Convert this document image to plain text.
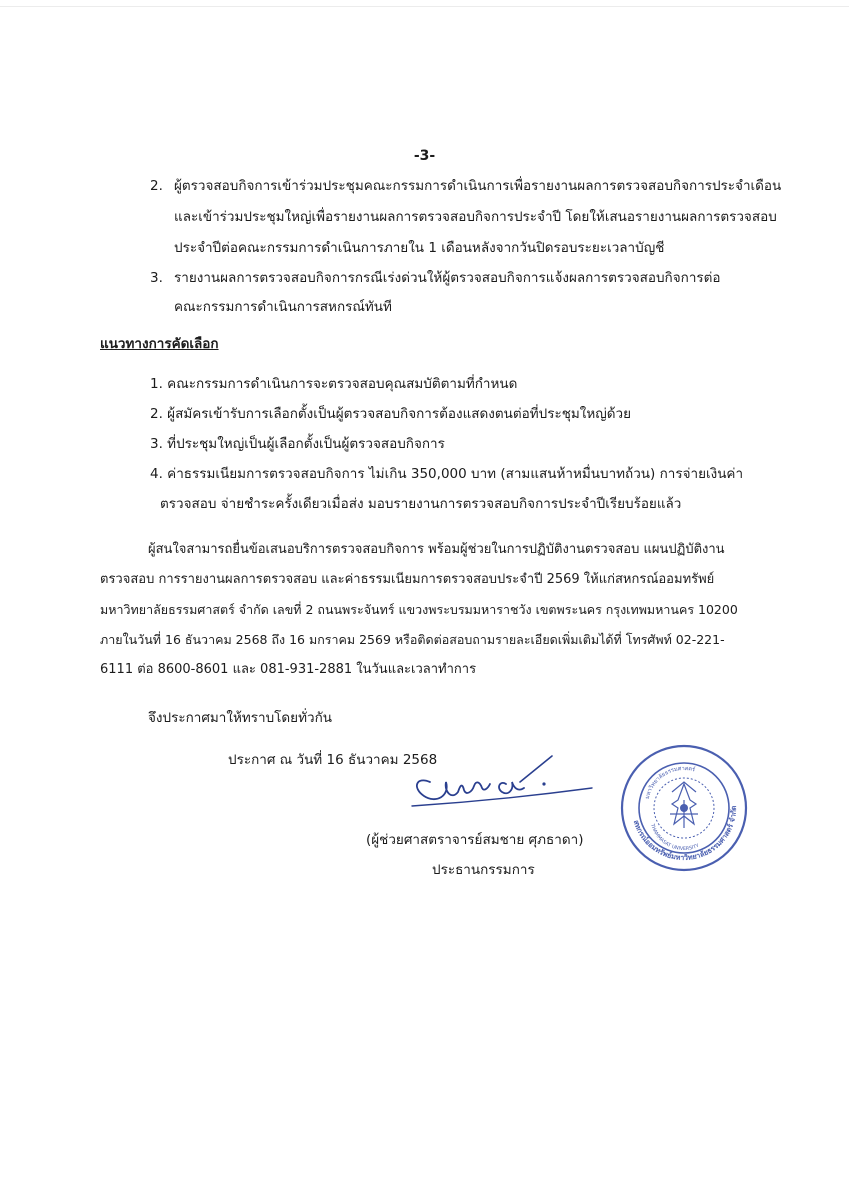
-3-
2. ผู้ตรวจสอบกิจการเข้าร่วมประชุมคณะกรรมการดำเนินการเพื่อรายงานผลการตรวจสอบกิจการประจำเดือน
และเข้าร่วมประชุมใหญ่เพื่อรายงานผลการตรวจสอบกิจการประจำปี โดยให้เสนอรายงานผลการตรวจสอบ
ประจำปีต่อคณะกรรมการดำเนินการภายใน 1 เดือนหลังจากวันปิดรอบระยะเวลาบัญชี
3. รายงานผลการตรวจสอบกิจการกรณีเร่งด่วนให้ผู้ตรวจสอบกิจการแจ้งผลการตรวจสอบกิจการต่อ
คณะกรรมการดำเนินการสหกรณ์ทันที
แนวทางการคัดเลือก
1. คณะกรรมการดำเนินการจะตรวจสอบคุณสมบัติตามที่กำหนด
2. ผู้สมัครเข้ารับการเลือกตั้งเป็นผู้ตรวจสอบกิจการต้องแสดงตนต่อที่ประชุมใหญ่ด้วย
3. ที่ประชุมใหญ่เป็นผู้เลือกตั้งเป็นผู้ตรวจสอบกิจการ
4. ค่าธรรมเนียมการตรวจสอบกิจการ ไม่เกิน 350,000 บาท (สามแสนห้าหมื่นบาทถ้วน) การจ่ายเงินค่า
ตรวจสอบ จ่ายชำระครั้งเดียวเมื่อส่ง มอบรายงานการตรวจสอบกิจการประจำปีเรียบร้อยแล้ว
ผู้สนใจสามารถยื่นข้อเสนอบริการตรวจสอบกิจการ พร้อมผู้ช่วยในการปฏิบัติงานตรวจสอบ แผนปฏิบัติงาน
ตรวจสอบ การรายงานผลการตรวจสอบ และค่าธรรมเนียมการตรวจสอบประจำปี 2569 ให้แก่สหกรณ์ออมทรัพย์
มหาวิทยาลัยธรรมศาสตร์ จำกัด เลขที่ 2 ถนนพระจันทร์ แขวงพระบรมมหาราชวัง เขตพระนคร กรุงเทพมหานคร 10200
ภายในวันที่ 16 ธันวาคม 2568 ถึง 16 มกราคม 2569 หรือติดต่อสอบถามรายละเอียดเพิ่มเติมได้ที่ โทรศัพท์ 02-221-
6111 ต่อ 8600-8601 และ 081-931-2881 ในวันและเวลาทำการ
จึงประกาศมาให้ทราบโดยทั่วกัน
ประกาศ ณ วันที่ 16 ธันวาคม 2568
(ผู้ช่วยศาสตราจารย์สมชาย ศุภธาดา)
ประธานกรรมการ
สหกรณ์ออมทรัพย์มหาวิทยาลัยธรรมศาสตร์ จำกัด
มหาวิทยาลัยธรรมศาสตร์
THAMMASAT UNIVERSITY
